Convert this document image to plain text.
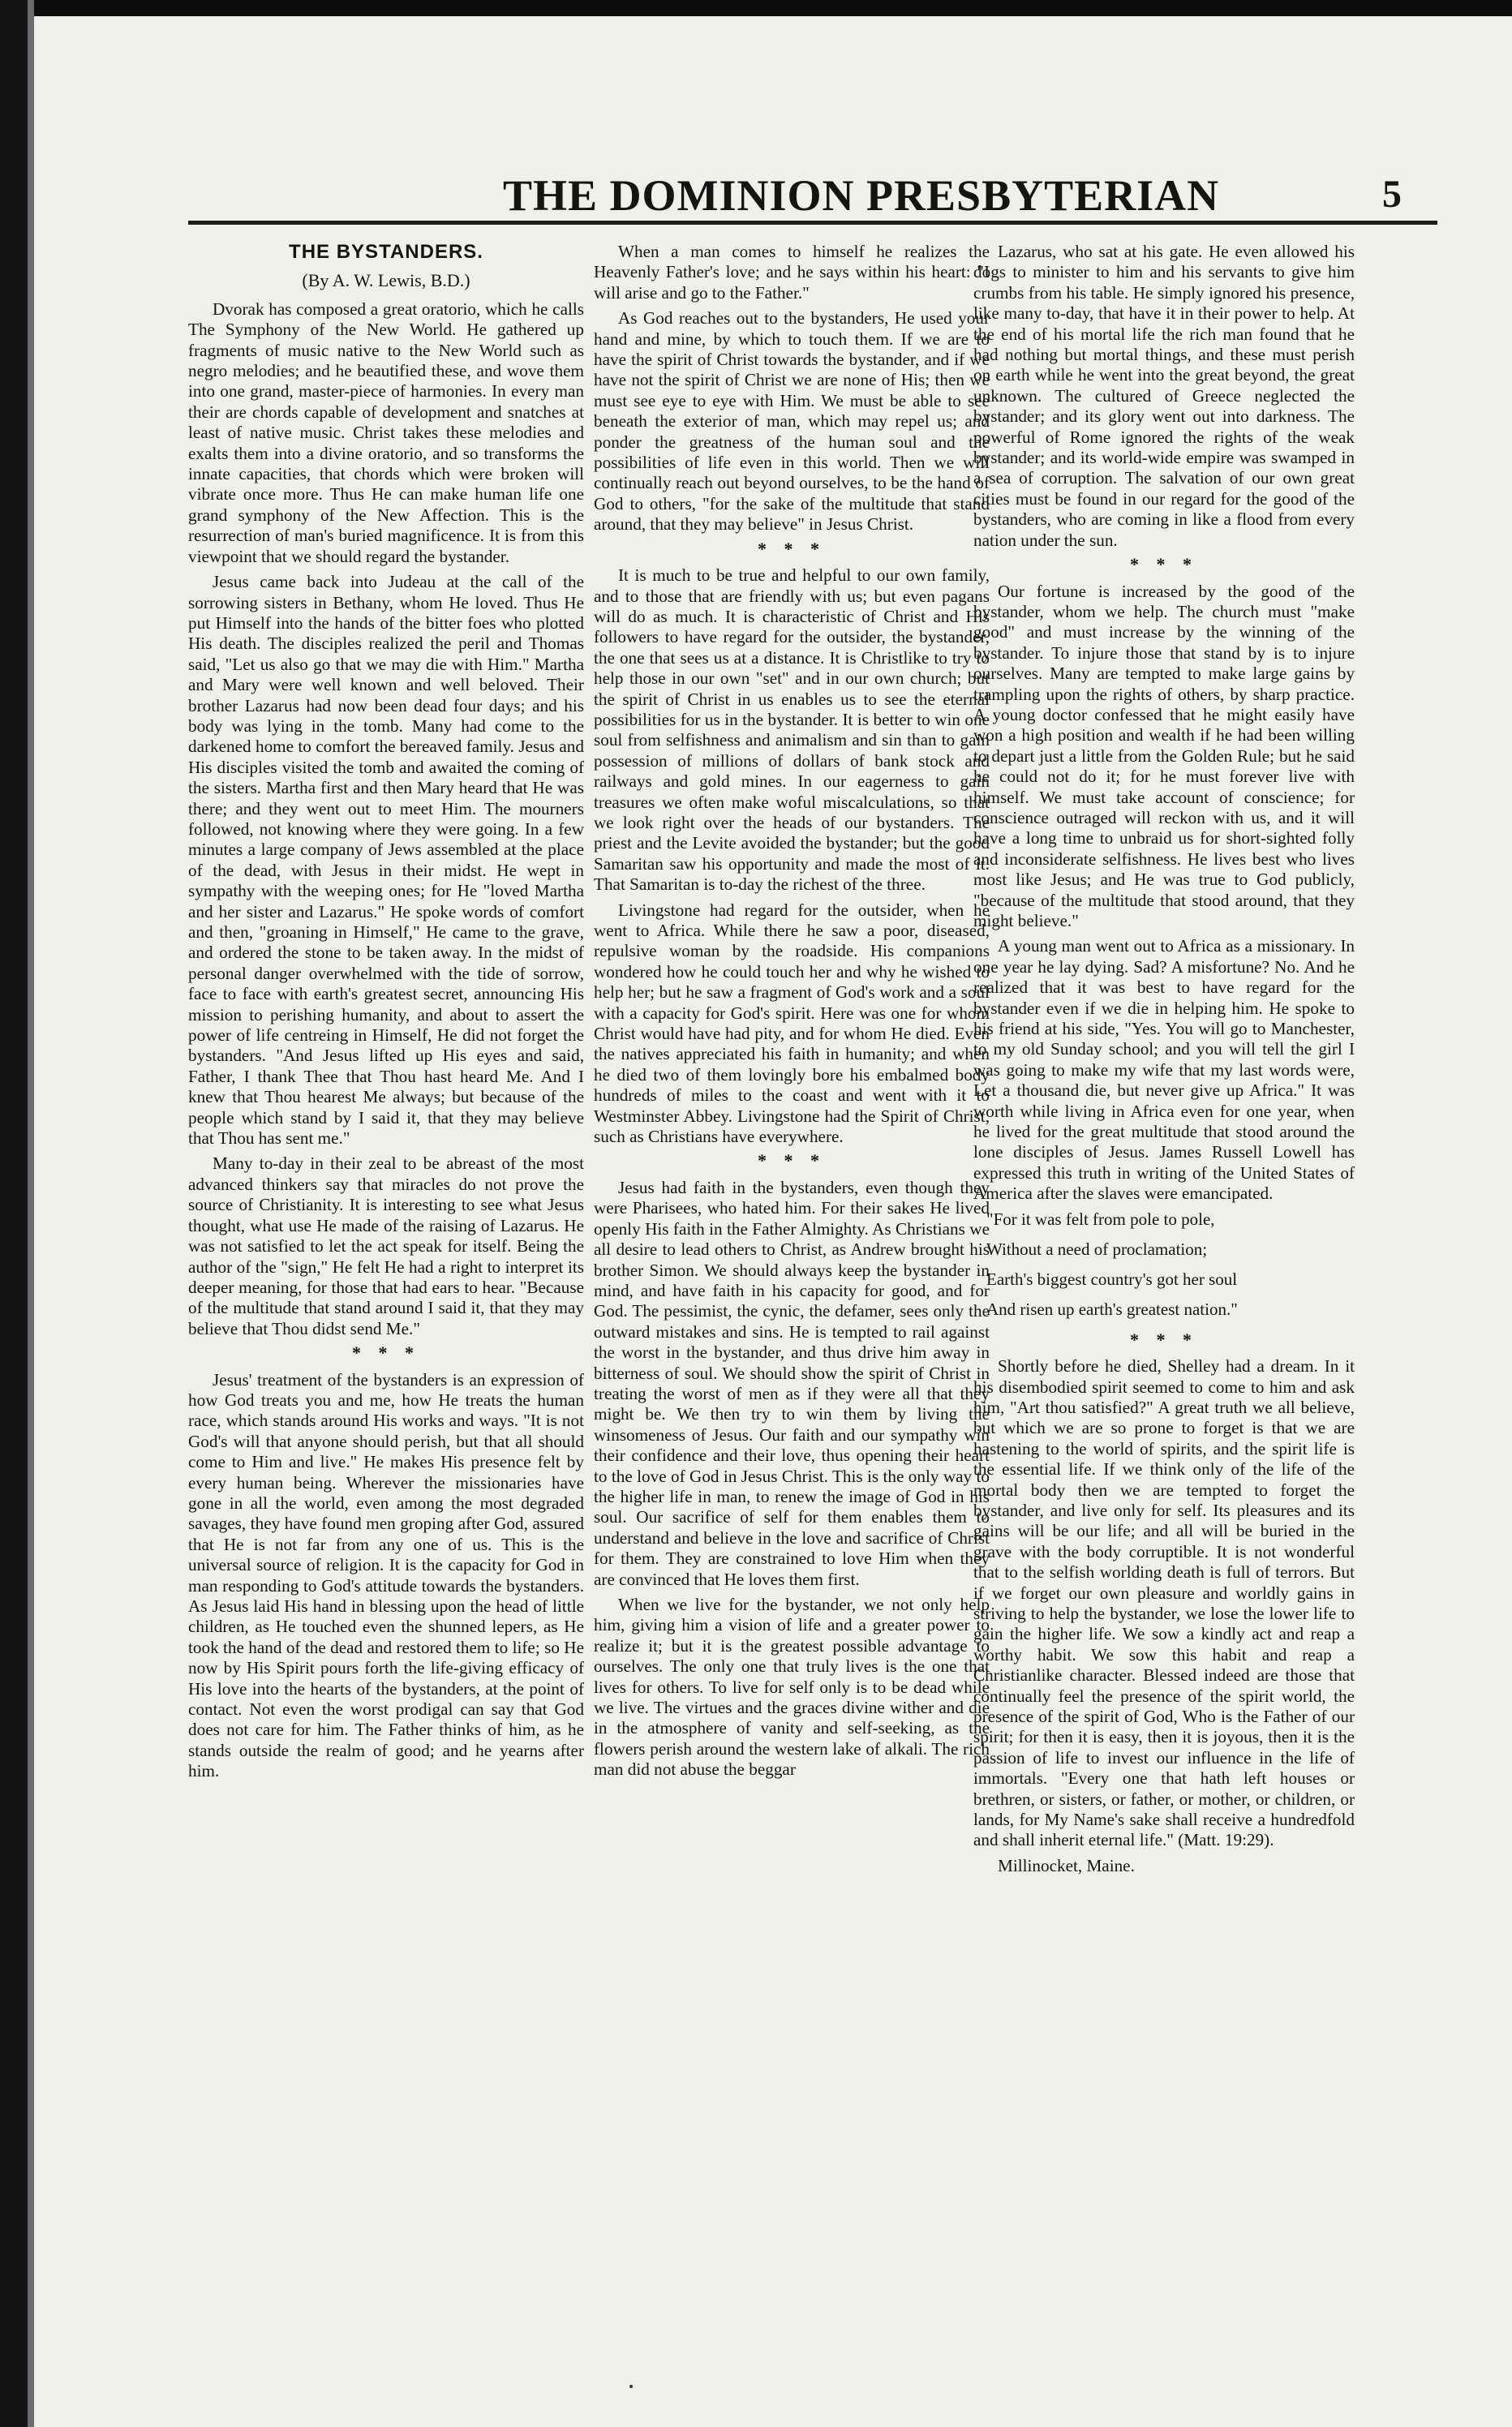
THE DOMINION PRESBYTERIAN	5
THE BYSTANDERS.
(By A. W. Lewis, B.D.)

Dvorak has composed a great oratorio, which he calls The Symphony of the New World. He gathered up fragments of music native to the New World such as negro melodies; and he beautified these, and wove them into one grand, master-piece of harmonies. In every man their are chords capable of development and snatches at least of native music. Christ takes these melodies and exalts them into a divine oratorio, and so transforms the innate capacities, that chords which were broken will vibrate once more. Thus He can make human life one grand symphony of the New Affection. This is the resurrection of man's buried magnificence. It is from this viewpoint that we should regard the bystander.

Jesus came back into Judeau at the call of the sorrowing sisters in Bethany, whom He loved. Thus He put Himself into the hands of the bitter foes who plotted His death. The disciples realized the peril and Thomas said, "Let us also go that we may die with Him." Martha and Mary were well known and well beloved. Their brother Lazarus had now been dead four days; and his body was lying in the tomb. Many had come to the darkened home to comfort the bereaved family. Jesus and His disciples visited the tomb and awaited the coming of the sisters. Martha first and then Mary heard that He was there; and they went out to meet Him. The mourners followed, not knowing where they were going. In a few minutes a large company of Jews assembled at the place of the dead, with Jesus in their midst. He wept in sympathy with the weeping ones; for He "loved Martha and her sister and Lazarus." He spoke words of comfort and then, "groaning in Himself," He came to the grave, and ordered the stone to be taken away. In the midst of personal danger overwhelmed with the tide of sorrow, face to face with earth's greatest secret, announcing His mission to perishing humanity, and about to assert the power of life centreing in Himself, He did not forget the bystanders. "And Jesus lifted up His eyes and said, Father, I thank Thee that Thou hast heard Me. And I knew that Thou hearest Me always; but because of the people which stand by I said it, that they may believe that Thou has sent me."

Many to-day in their zeal to be abreast of the most advanced thinkers say that miracles do not prove the source of Christianity. It is interesting to see what Jesus thought, what use He made of the raising of Lazarus. He was not satisfied to let the act speak for itself. Being the author of the "sign," He felt He had a right to interpret its deeper meaning, for those that had ears to hear. "Because of the multitude that stand around I said it, that they may believe that Thou didst send Me."

* * *

Jesus' treatment of the bystanders is an expression of how God treats you and me, how He treats the human race, which stands around His works and ways. "It is not God's will that anyone should perish, but that all should come to Him and live." He makes His presence felt by every human being. Wherever the missionaries have gone in all the world, even among the most degraded savages, they have found men groping after God, assured that He is not far from any one of us. This is the universal source of religion. It is the capacity for God in man responding to God's attitude towards the bystanders. As Jesus laid His hand in blessing upon the head of little children, as He touched even the shunned lepers, as He took the hand of the dead and restored them to life; so He now by His Spirit pours forth the life-giving efficacy of His love into the hearts of the bystanders, at the point of contact. Not even the worst prodigal can say that God does not care for him. The Father thinks of him, as he stands outside the realm of good; and he yearns after him.

When a man comes to himself he realizes the Heavenly Father's love; and he says within his heart: "I will arise and go to the Father."

As God reaches out to the bystanders, He used your hand and mine, by which to touch them. If we are to have the spirit of Christ towards the bystander, and if we have not the spirit of Christ we are none of His; then we must see eye to eye with Him. We must be able to see beneath the exterior of man, which may repel us; and ponder the greatness of the human soul and the possibilities of life even in this world. Then we will continually reach out beyond ourselves, to be the hand of God to others, "for the sake of the multitude that stand around, that they may believe" in Jesus Christ.

* * *

It is much to be true and helpful to our own family, and to those that are friendly with us; but even pagans will do as much. It is characteristic of Christ and His followers to have regard for the outsider, the bystander, the one that sees us at a distance. It is Christlike to try to help those in our own "set" and in our own church; but the spirit of Christ in us enables us to see the eternal possibilities for us in the bystander. It is better to win one soul from selfishness and animalism and sin than to gain possession of millions of dollars of bank stock and railways and gold mines. In our eagerness to gain treasures we often make woful miscalculations, so that we look right over the heads of our bystanders. The priest and the Levite avoided the bystander; but the good Samaritan saw his opportunity and made the most of it. That Samaritan is to-day the richest of the three.

Livingstone had regard for the outsider, when he went to Africa. While there he saw a poor, diseased, repulsive woman by the roadside. His companions wondered how he could touch her and why he wished to help her; but he saw a fragment of God's work and a soul with a capacity for God's spirit. Here was one for whom Christ would have had pity, and for whom He died. Even the natives appreciated his faith in humanity; and when he died two of them lovingly bore his embalmed body hundreds of miles to the coast and went with it to Westminster Abbey. Livingstone had the Spirit of Christ, such as Christians have everywhere.

* * *

Jesus had faith in the bystanders, even though they were Pharisees, who hated him. For their sakes He lived openly His faith in the Father Almighty. As Christians we all desire to lead others to Christ, as Andrew brought his brother Simon. We should always keep the bystander in mind, and have faith in his capacity for good, and for God. The pessimist, the cynic, the defamer, sees only the outward mistakes and sins. He is tempted to rail against the worst in the bystander, and thus drive him away in bitterness of soul. We should show the spirit of Christ in treating the worst of men as if they were all that they might be. We then try to win them by living the winsomeness of Jesus. Our faith and our sympathy win their confidence and their love, thus opening their heart to the love of God in Jesus Christ. This is the only way to the higher life in man, to renew the image of God in his soul. Our sacrifice of self for them enables them to understand and believe in the love and sacrifice of Christ for them. They are constrained to love Him when they are convinced that He loves them first.

When we live for the bystander, we not only help him, giving him a vision of life and a greater power to realize it; but it is the greatest possible advantage to ourselves. The only one that truly lives is the one that lives for others. To live for self only is to be dead while we live. The virtues and the graces divine wither and die in the atmosphere of vanity and self-seeking, as the flowers perish around the western lake of alkali. The rich man did not abuse the beggar

Lazarus, who sat at his gate. He even allowed his dogs to minister to him and his servants to give him crumbs from his table. He simply ignored his presence, like many to-day, that have it in their power to help. At the end of his mortal life the rich man found that he had nothing but mortal things, and these must perish on earth while he went into the great beyond, the great unknown. The cultured of Greece neglected the bystander; and its glory went out into darkness. The powerful of Rome ignored the rights of the weak bystander; and its world-wide empire was swamped in a sea of corruption. The salvation of our own great cities must be found in our regard for the good of the bystanders, who are coming in like a flood from every nation under the sun.

* * *

Our fortune is increased by the good of the bystander, whom we help. The church must "make good" and must increase by the winning of the bystander. To injure those that stand by is to injure ourselves. Many are tempted to make large gains by trampling upon the rights of others, by sharp practice. A young doctor confessed that he might easily have won a high position and wealth if he had been willing to depart just a little from the Golden Rule; but he said he could not do it; for he must forever live with himself. We must take account of conscience; for conscience outraged will reckon with us, and it will have a long time to unbraid us for short-sighted folly and inconsiderate selfishness. He lives best who lives most like Jesus; and He was true to God publicly, "because of the multitude that stood around, that they might believe."

A young man went out to Africa as a missionary. In one year he lay dying. Sad? A misfortune? No. And he realized that it was best to have regard for the bystander even if we die in helping him. He spoke to his friend at his side, "Yes. You will go to Manchester, to my old Sunday school; and you will tell the girl I was going to make my wife that my last words were, Let a thousand die, but never give up Africa." It was worth while living in Africa even for one year, when he lived for the great multitude that stood around the lone disciples of Jesus. James Russell Lowell has expressed this truth in writing of the United States of America after the slaves were emancipated.

"For it was felt from pole to pole,
Without a need of proclamation;
Earth's biggest country's got her soul
And risen up earth's greatest nation."
* * *

Shortly before he died, Shelley had a dream. In it his disembodied spirit seemed to come to him and ask him, "Art thou satisfied?" A great truth we all believe, but which we are so prone to forget is that we are hastening to the world of spirits, and the spirit life is the essential life. If we think only of the life of the mortal body then we are tempted to forget the bystander, and live only for self. Its pleasures and its gains will be our life; and all will be buried in the grave with the body corruptible. It is not wonderful that to the selfish worlding death is full of terrors. But if we forget our own pleasure and worldly gains in striving to help the bystander, we lose the lower life to gain the higher life. We sow a kindly act and reap a worthy habit. We sow this habit and reap a Christianlike character. Blessed indeed are those that continually feel the presence of the spirit world, the presence of the spirit of God, Who is the Father of our spirit; for then it is easy, then it is joyous, then it is the passion of life to invest our influence in the life of immortals. "Every one that hath left houses or brethren, or sisters, or father, or mother, or children, or lands, for My Name's sake shall receive a hundredfold and shall inherit eternal life." (Matt. 19:29).

Millinocket, Maine.
